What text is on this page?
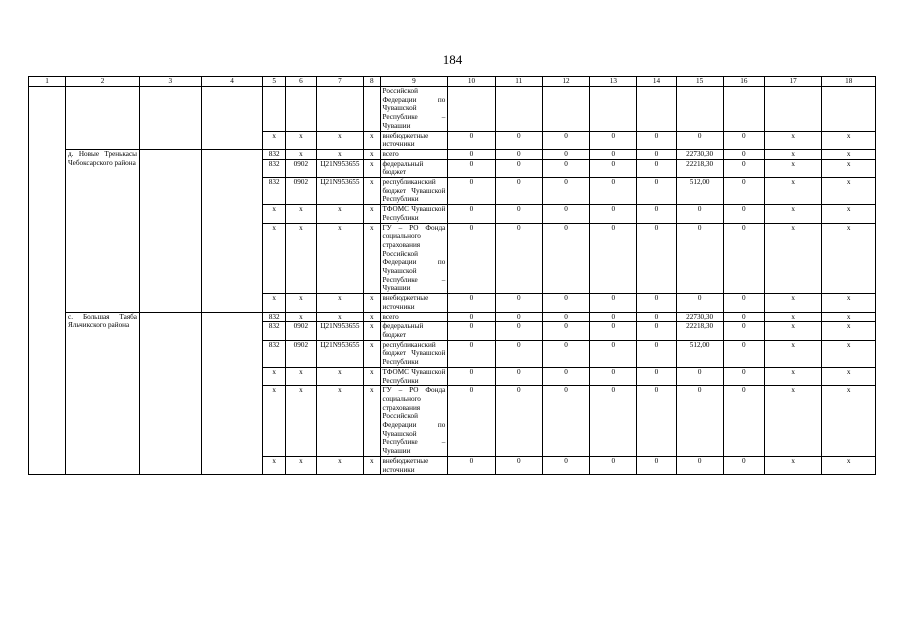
184
1	2	3	4	5	6	7	8	9	10	11	12	13	14	15	16	17	18
								Российской Федерации по Чувашской Республике – Чувашии									
				x	x	x	x	внебюджетные источники	0	0	0	0	0	0	0	x	x
	д. Новые Тренькасы Чебоксарского района			832	x	x	x	всего	0	0	0	0	0	22730,30	0	x	x
				832	0902	Ц21N953655	x	федеральный бюджет	0	0	0	0	0	22218,30	0	x	x
				832	0902	Ц21N953655	x	республиканский бюджет Чувашской Республики	0	0	0	0	0	512,00	0	x	x
				x	x	x	x	ТФОМС Чувашской Республики	0	0	0	0	0	0	0	x	x
				x	x	x	x	ГУ – РО Фонда социального страхования Российской Федерации по Чувашской Республике – Чувашии	0	0	0	0	0	0	0	x	x
				x	x	x	x	внебюджетные источники	0	0	0	0	0	0	0	x	x
	с. Большая Таяба Яльчикского района			832	x	x	x	всего	0	0	0	0	0	22730,30	0	x	x
				832	0902	Ц21N953655	x	федеральный бюджет	0	0	0	0	0	22218,30	0	x	x
				832	0902	Ц21N953655	x	республиканский бюджет Чувашской Республики	0	0	0	0	0	512,00	0	x	x
				x	x	x	x	ТФОМС Чувашской Республики	0	0	0	0	0	0	0	x	x
				x	x	x	x	ГУ – РО Фонда социального страхования Российской Федерации по Чувашской Республике – Чувашии	0	0	0	0	0	0	0	x	x
				x	x	x	x	внебюджетные источники	0	0	0	0	0	0	0	x	x
